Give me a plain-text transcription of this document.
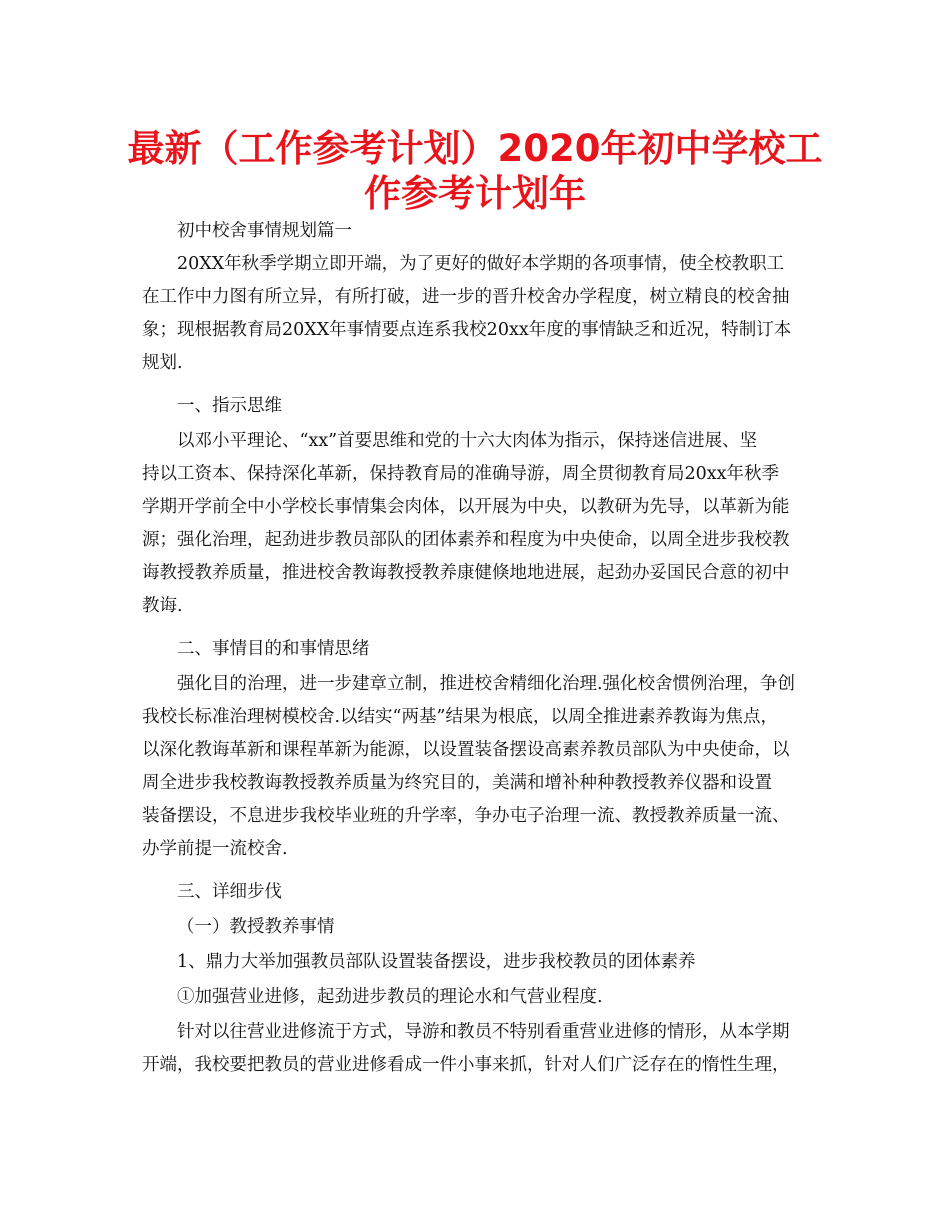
最新（工作参考计划）2020年初中学校工
作参考计划年
初中校舍事情规划篇一
20XX年秋季学期立即开端，为了更好的做好本学期的各项事情，使全校教职工
在工作中力图有所立异，有所打破，进一步的晋升校舍办学程度，树立精良的校舍抽
象；现根据教育局20XX年事情要点连系我校20xx年度的事情缺乏和近况，特制订本
规划.
一、指示思维
以邓小平理论、“xx”首要思维和党的十六大肉体为指示，保持迷信进展、坚
持以工资本、保持深化革新，保持教育局的准确导游，周全贯彻教育局20xx年秋季
学期开学前全中小学校长事情集会肉体，以开展为中央，以教研为先导，以革新为能
源；强化治理，起劲进步教员部队的团体素养和程度为中央使命，以周全进步我校教
诲教授教养质量，推进校舍教诲教授教养康健倏地地进展，起劲办妥国民合意的初中
教诲.
二、事情目的和事情思绪
强化目的治理，进一步建章立制，推进校舍精细化治理.强化校舍惯例治理，争创
我校长标准治理树模校舍.以结实“两基”结果为根底，以周全推进素养教诲为焦点，
以深化教诲革新和课程革新为能源，以设置装备摆设高素养教员部队为中央使命，以
周全进步我校教诲教授教养质量为终究目的，美满和增补种种教授教养仪器和设置
装备摆设，不息进步我校毕业班的升学率，争办屯子治理一流、教授教养质量一流、
办学前提一流校舍.
三、详细步伐
（一）教授教养事情
1、鼎力大举加强教员部队设置装备摆设，进步我校教员的团体素养
①加强营业进修，起劲进步教员的理论水和气营业程度.
针对以往营业进修流于方式，导游和教员不特别看重营业进修的情形，从本学期
开端，我校要把教员的营业进修看成一件小事来抓，针对人们广泛存在的惰性生理，
